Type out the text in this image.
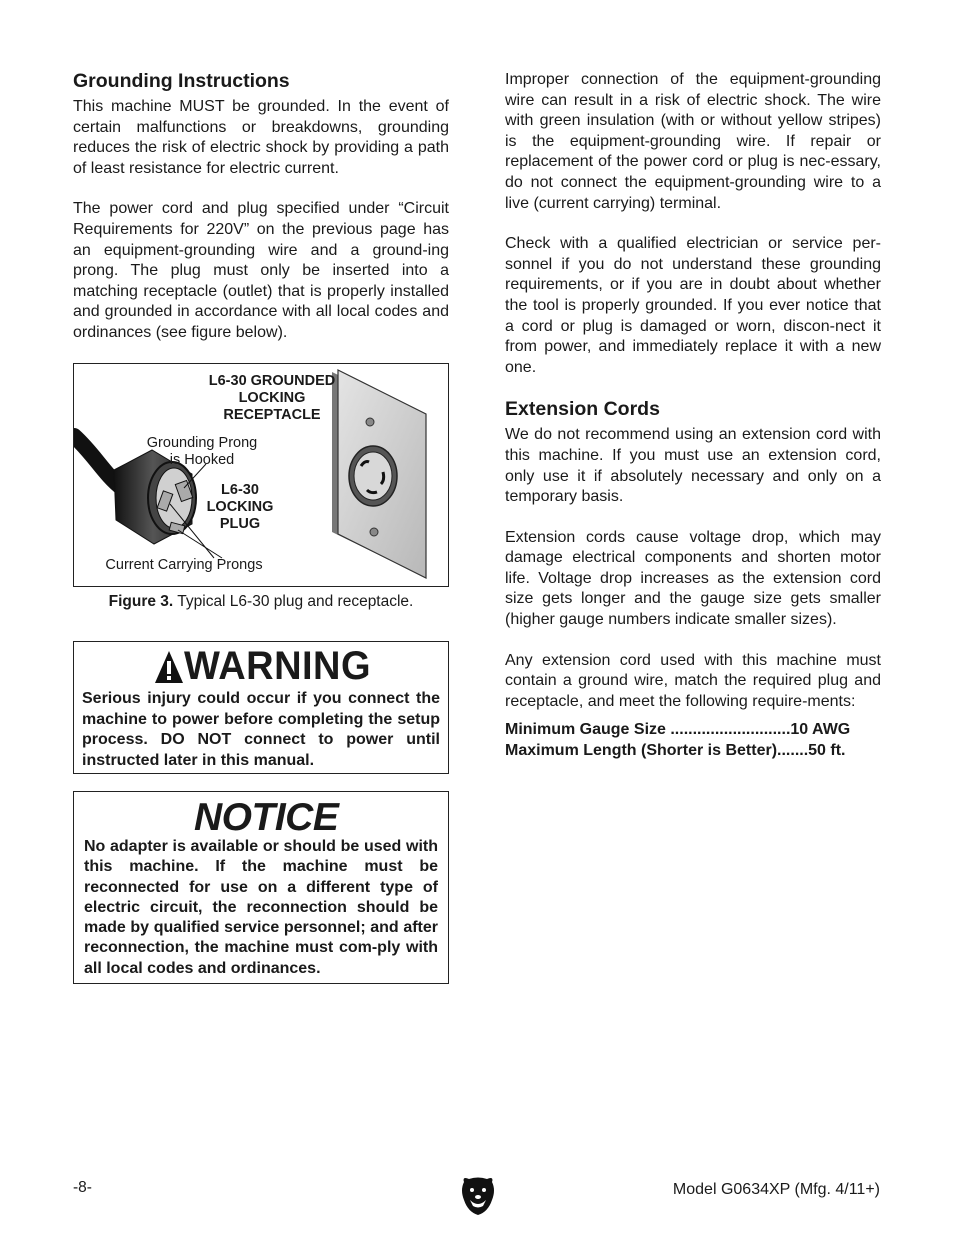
Grounding Instructions

This machine MUST be grounded. In the event of certain malfunctions or breakdowns, grounding reduces the risk of electric shock by providing a path of least resistance for electric current.

The power cord and plug specified under “Circuit Requirements for 220V” on the previous page has an equipment-grounding wire and a ground-ing prong. The plug must only be inserted into a matching receptacle (outlet) that is properly installed and grounded in accordance with all local codes and ordinances (see figure below).

L6-30 GROUNDED
LOCKING
RECEPTACLE
Grounding Prong
is Hooked
L6-30
LOCKING
PLUG
Current Carrying Prongs
Figure 3. Typical L6-30 plug and receptacle.
WARNING
Serious injury could occur if you connect the machine to power before completing the setup process. DO NOT connect to power until instructed later in this manual.
NOTICE
No adapter is available or should be used with this machine. If the machine must be reconnected for use on a different type of electric circuit, the reconnection should be made by qualified service personnel; and after reconnection, the machine must com-ply with all local codes and ordinances.

Improper connection of the equipment-grounding wire can result in a risk of electric shock. The wire with green insulation (with or without yellow stripes) is the equipment-grounding wire. If repair or replacement of the power cord or plug is nec-essary, do not connect the equipment-grounding wire to a live (current carrying) terminal.

Check with a qualified electrician or service per-sonnel if you do not understand these grounding requirements, or if you are in doubt about whether the tool is properly grounded. If you ever notice that a cord or plug is damaged or worn, discon-nect it from power, and immediately replace it with a new one.

Extension Cords

We do not recommend using an extension cord with this machine. If you must use an extension cord, only use it if absolutely necessary and only on a temporary basis.

Extension cords cause voltage drop, which may damage electrical components and shorten motor life. Voltage drop increases as the extension cord size gets longer and the gauge size gets smaller (higher gauge numbers indicate smaller sizes).

Any extension cord used with this machine must contain a ground wire, match the required plug and receptacle, and meet the following require-ments:

Minimum Gauge Size ...........................10 AWG
Maximum Length (Shorter is Better).......50 ft.
-8-	Model G0634XP (Mfg. 4/11+)
